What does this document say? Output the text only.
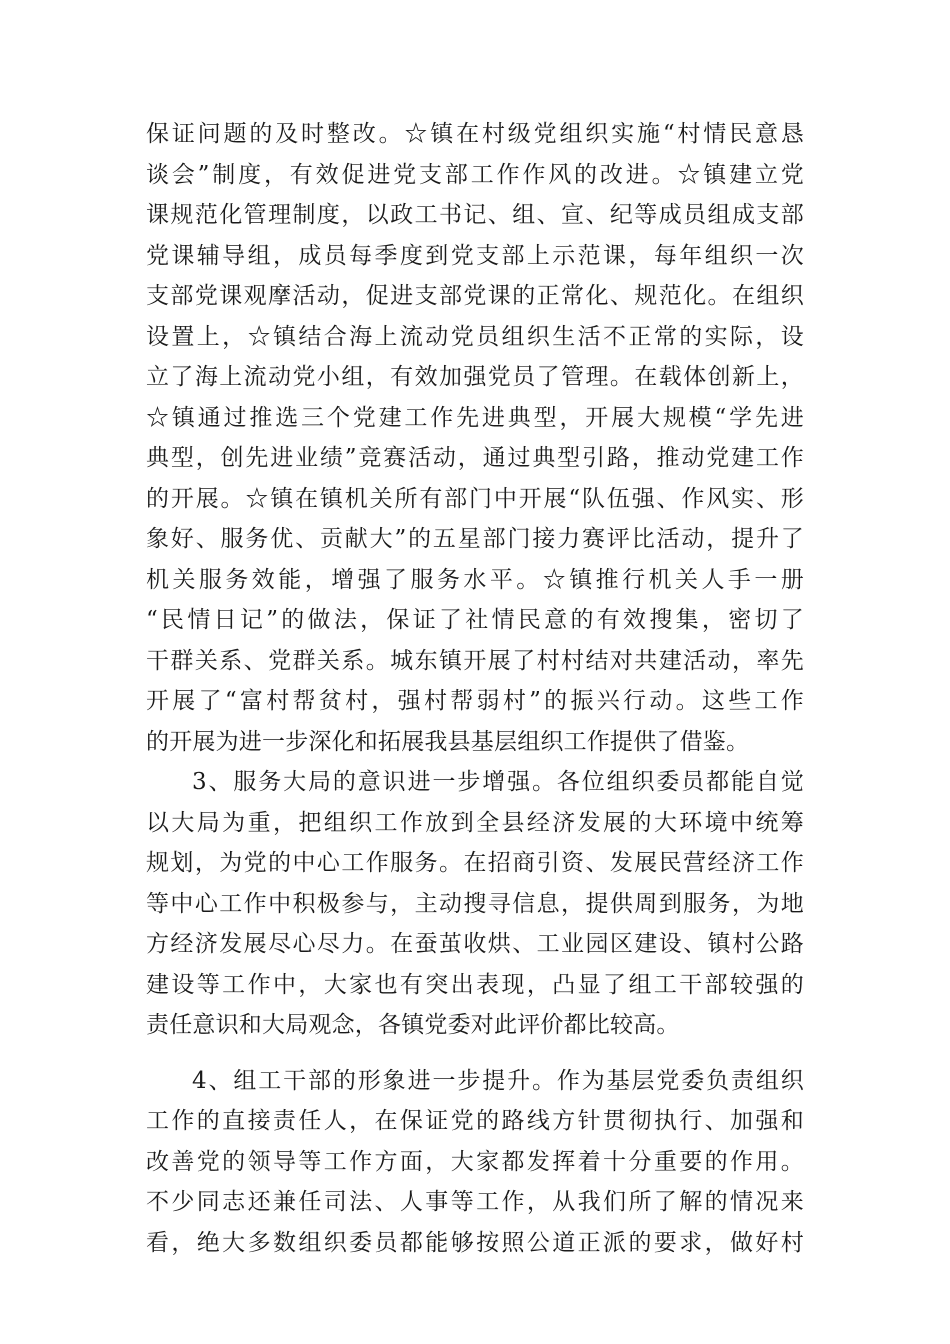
保证问题的及时整改。☆镇在村级党组织实施“村情民意恳
谈会”制度，有效促进党支部工作作风的改进。☆镇建立党
课规范化管理制度，以政工书记、组、宣、纪等成员组成支部
党课辅导组，成员每季度到党支部上示范课，每年组织一次
支部党课观摩活动，促进支部党课的正常化、规范化。在组织
设置上，☆镇结合海上流动党员组织生活不正常的实际，设
立了海上流动党小组，有效加强党员了管理。在载体创新上，
☆镇通过推选三个党建工作先进典型，开展大规模“学先进
典型，创先进业绩”竞赛活动，通过典型引路，推动党建工作
的开展。☆镇在镇机关所有部门中开展“队伍强、作风实、形
象好、服务优、贡献大”的五星部门接力赛评比活动，提升了
机关服务效能，增强了服务水平。☆镇推行机关人手一册
“民情日记”的做法，保证了社情民意的有效搜集，密切了
干群关系、党群关系。城东镇开展了村村结对共建活动，率先
开展了“富村帮贫村，强村帮弱村”的振兴行动。这些工作
的开展为进一步深化和拓展我县基层组织工作提供了借鉴。
3、服务大局的意识进一步增强。各位组织委员都能自觉
以大局为重，把组织工作放到全县经济发展的大环境中统筹
规划，为党的中心工作服务。在招商引资、发展民营经济工作
等中心工作中积极参与，主动搜寻信息，提供周到服务，为地
方经济发展尽心尽力。在蚕茧收烘、工业园区建设、镇村公路
建设等工作中，大家也有突出表现，凸显了组工干部较强的
责任意识和大局观念，各镇党委对此评价都比较高。
4、组工干部的形象进一步提升。作为基层党委负责组织
工作的直接责任人，在保证党的路线方针贯彻执行、加强和
改善党的领导等工作方面，大家都发挥着十分重要的作用。
不少同志还兼任司法、人事等工作，从我们所了解的情况来
看，绝大多数组织委员都能够按照公道正派的要求，做好村
